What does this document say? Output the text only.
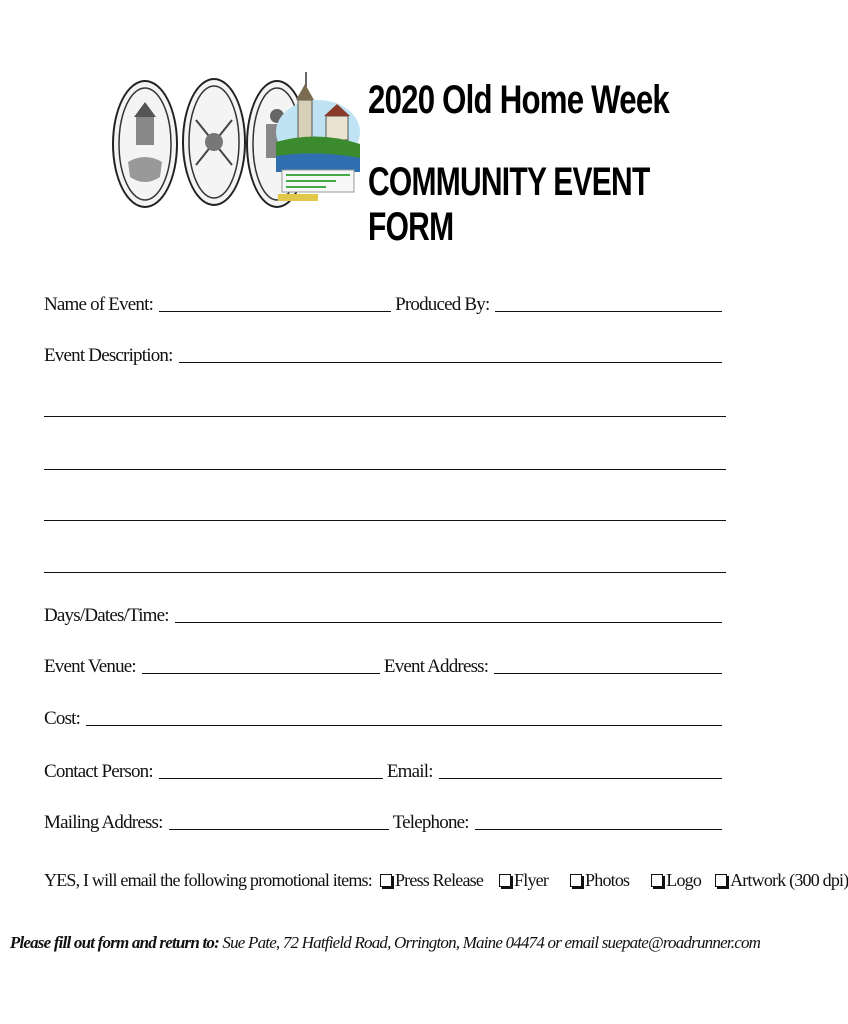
2020 Old Home Week
COMMUNITY EVENT FORM
Name of Event:	Produced By:
Event Description:
Days/Dates/Time:
Event Venue:	Event Address:
Cost:
Contact Person:	Email:
Mailing Address:	Telephone:
YES, I will email the following promotional items: Press Release Flyer Photos Logo Artwork (300 dpi)
Please fill out form and return to: Sue Pate, 72 Hatfield Road, Orrington, Maine 04474 or email suepate@roadrunner.com
